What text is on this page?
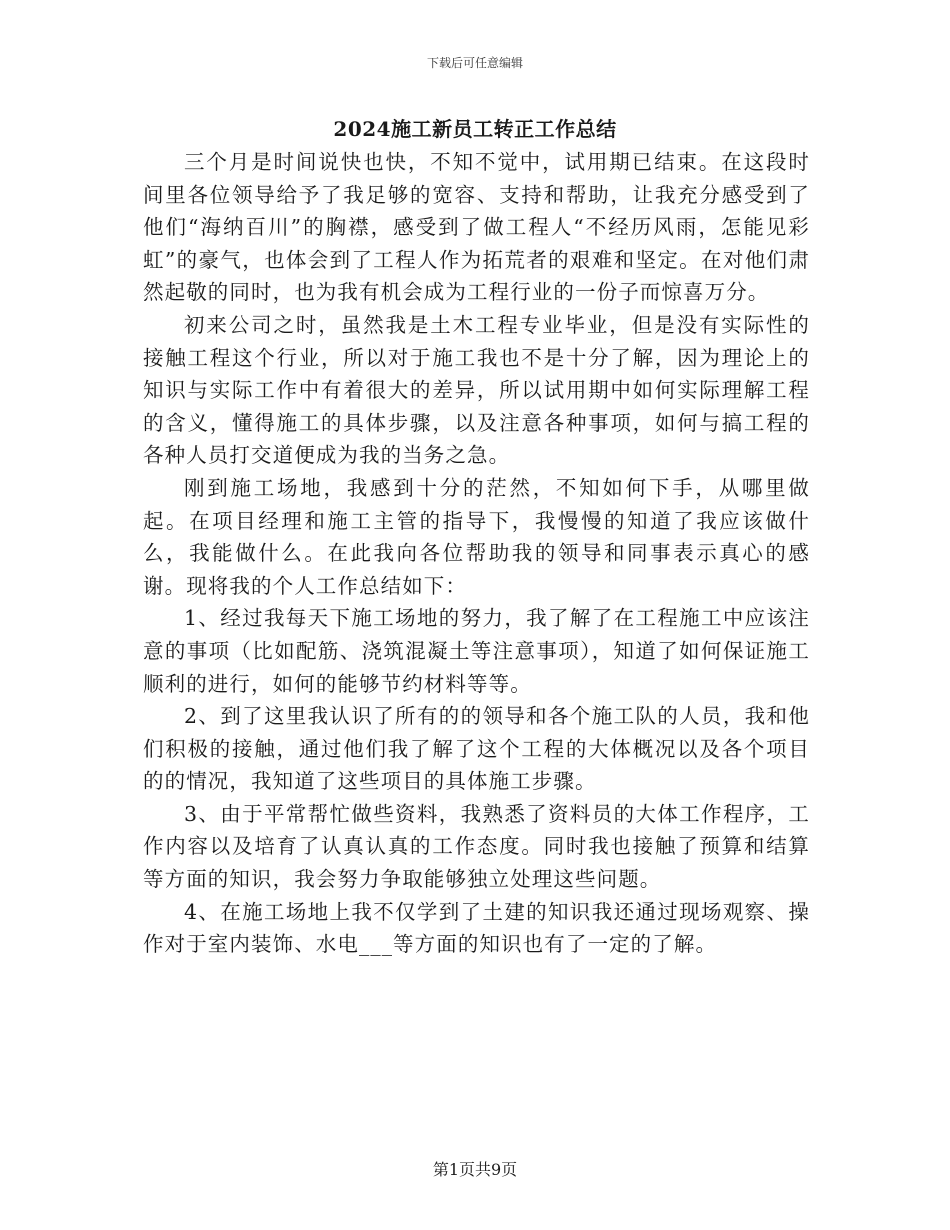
下载后可任意编辑
2024施工新员工转正工作总结

三个月是时间说快也快，不知不觉中，试用期已结束。在这段时间里各位领导给予了我足够的宽容、支持和帮助，让我充分感受到了他们“海纳百川”的胸襟，感受到了做工程人“不经历风雨，怎能见彩虹”的豪气，也体会到了工程人作为拓荒者的艰难和坚定。在对他们肃然起敬的同时，也为我有机会成为工程行业的一份子而惊喜万分。

初来公司之时，虽然我是土木工程专业毕业，但是没有实际性的接触工程这个行业，所以对于施工我也不是十分了解，因为理论上的知识与实际工作中有着很大的差异，所以试用期中如何实际理解工程的含义，懂得施工的具体步骤，以及注意各种事项，如何与搞工程的各种人员打交道便成为我的当务之急。

刚到施工场地，我感到十分的茫然，不知如何下手，从哪里做起。在项目经理和施工主管的指导下，我慢慢的知道了我应该做什么，我能做什么。在此我向各位帮助我的领导和同事表示真心的感谢。现将我的个人工作总结如下：

1、经过我每天下施工场地的努力，我了解了在工程施工中应该注意的事项（比如配筋、浇筑混凝土等注意事项），知道了如何保证施工顺利的进行，如何的能够节约材料等等。

2、到了这里我认识了所有的的领导和各个施工队的人员，我和他们积极的接触，通过他们我了解了这个工程的大体概况以及各个项目的的情况，我知道了这些项目的具体施工步骤。

3、由于平常帮忙做些资料，我熟悉了资料员的大体工作程序，工作内容以及培育了认真认真的工作态度。同时我也接触了预算和结算等方面的知识，我会努力争取能够独立处理这些问题。

4、在施工场地上我不仅学到了土建的知识我还通过现场观察、操作对于室内装饰、水电___等方面的知识也有了一定的了解。

第1页共9页
